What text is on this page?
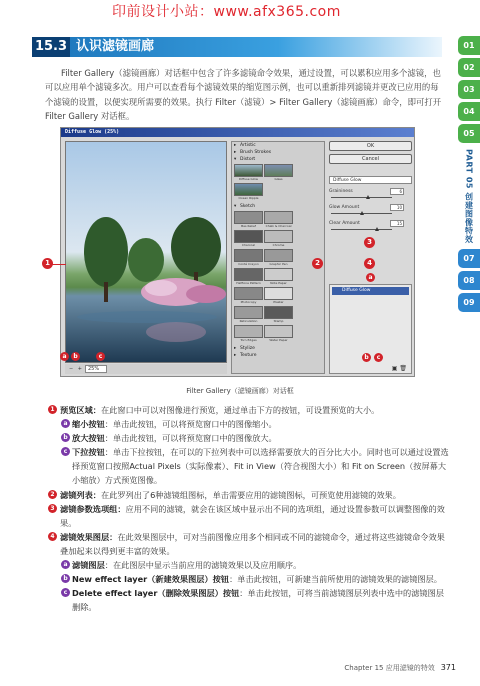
印前设计小站：www.afx365.com
01
02
03
04
05
PART 05 创建图像特效
07
08
09
15.3 认识滤镜画廊

Filter Gallery（滤镜画廊）对话框中包含了许多滤镜命令效果，通过设置，可以累积应用多个滤镜，也可以应用单个滤镜多次。用户可以查看每个滤镜效果的缩览图示例，也可以重新排列滤镜并更改已应用的每个滤镜的设置，以便实现所需要的效果。执行 Filter（滤镜）> Filter Gallery（滤镜画廊）命令，即可打开 Filter Gallery 对话框。

Diffuse Glow (25%)
− +	25%
▸ Artistic
▸ Brush Strokes
▾ Distort
Diffuse Glow	Glass
Ocean Ripple
▾ Sketch
Bas Relief	Chalk & Charcoal
Charcoal	Chrome
Conté Crayon	Graphic Pen
Halftone Pattern	Note Paper
Photocopy	Plaster
Reticulation	Stamp
Torn Edges	Water Paper
▸ Stylize
▸ Texture
OK
Cancel
Diffuse Glow
Graininess	6
Glow Amount	10
Clear Amount	15
Diffuse Glow
▣ 🗑
1	2
3
4
a
a	b	c	b	c
Filter Gallery（滤镜画廊）对话框
1 预览区域：在此窗口中可以对图像进行预览，通过单击下方的按钮，可设置预览的大小。
a 缩小按钮：单击此按钮，可以将预览窗口中的图像缩小。
b 放大按钮：单击此按钮，可以将预览窗口中的图像放大。
c 下拉按钮：单击下拉按钮，在可以的下拉列表中可以选择需要放大的百分比大小。同时也可以通过设置选择预览窗口按照Actual Pixels（实际像素）、Fit in View（符合视图大小）和 Fit on Screen（按屏幕大小缩放）方式预览图像。
2 滤镜列表：在此罗列出了6种滤镜组图标，单击需要应用的滤镜图标，可预览使用滤镜的效果。
3 滤镜参数选项组：应用不同的滤镜，就会在该区域中显示出不同的选项组，通过设置参数可以调整图像的效果。
4 滤镜效果图层：在此效果图层中，可对当前图像应用多个相同或不同的滤镜命令，通过将这些滤镜命令效果叠加起来以得到更丰富的效果。
a 滤镜图层：在此图层中显示当前应用的滤镜效果以及应用顺序。
b New effect layer（新建效果图层）按钮：单击此按钮，可新建当前所使用的滤镜效果的滤镜图层。
c Delete effect layer（删除效果图层）按钮：单击此按钮，可将当前滤镜图层列表中选中的滤镜图层删除。
Chapter 15 应用滤镜的特效 371
